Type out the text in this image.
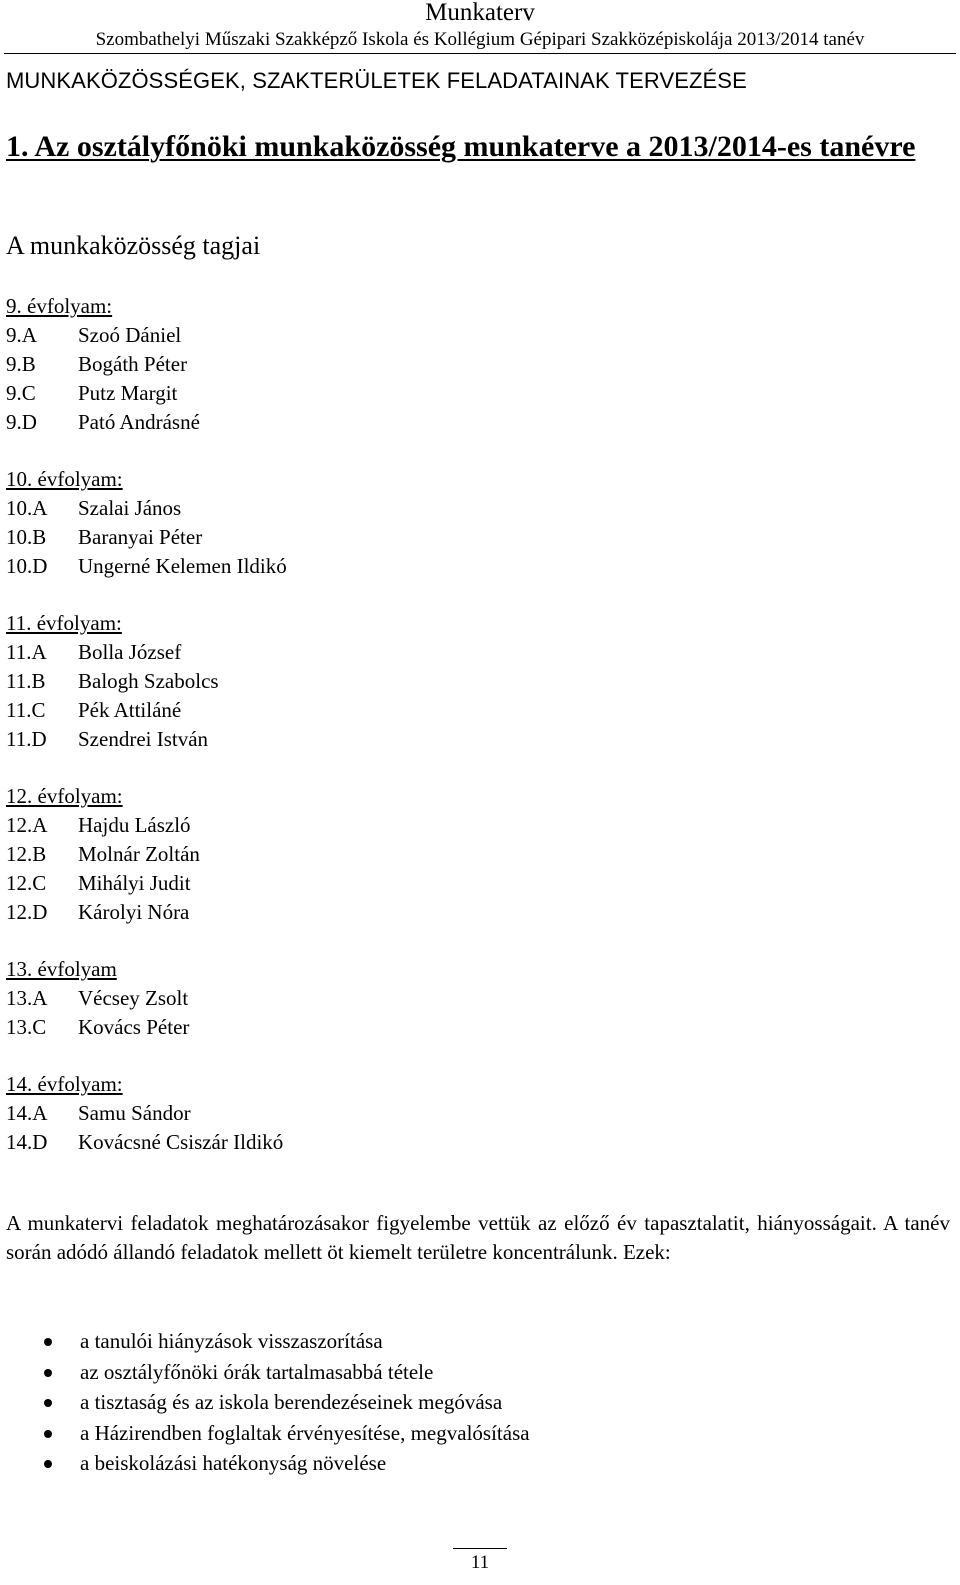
Munkaterv
Szombathelyi Műszaki Szakképző Iskola és Kollégium Gépipari Szakközépiskolája 2013/2014 tanév
MUNKAKÖZÖSSÉGEK, SZAKTERÜLETEK FELADATAINAK TERVEZÉSE
1. Az osztályfőnöki munkaközösség munkaterve a 2013/2014-es tanévre
A munkaközösség tagjai
9. évfolyam:
9.A Szoó Dániel
9.B Bogáth Péter
9.C Putz Margit
9.D Pató Andrásné
10. évfolyam:
10.A Szalai János
10.B Baranyai Péter
10.D Ungerné Kelemen Ildikó
11. évfolyam:
11.A Bolla József
11.B Balogh Szabolcs
11.C Pék Attiláné
11.D Szendrei István
12. évfolyam:
12.A Hajdu László
12.B Molnár Zoltán
12.C Mihályi Judit
12.D Károlyi Nóra
13. évfolyam
13.A Vécsey Zsolt
13.C Kovács Péter
14. évfolyam:
14.A Samu Sándor
14.D Kovácsné Csiszár Ildikó

A munkatervi feladatok meghatározásakor figyelembe vettük az előző év tapasztalatit, hiányosságait. A tanév során adódó állandó feladatok mellett öt kiemelt területre koncentrálunk. Ezek:

a tanulói hiányzások visszaszorítása
az osztályfőnöki órák tartalmasabbá tétele
a tisztaság és az iskola berendezéseinek megóvása
a Házirendben foglaltak érvényesítése, megvalósítása
a beiskolázási hatékonyság növelése
11
